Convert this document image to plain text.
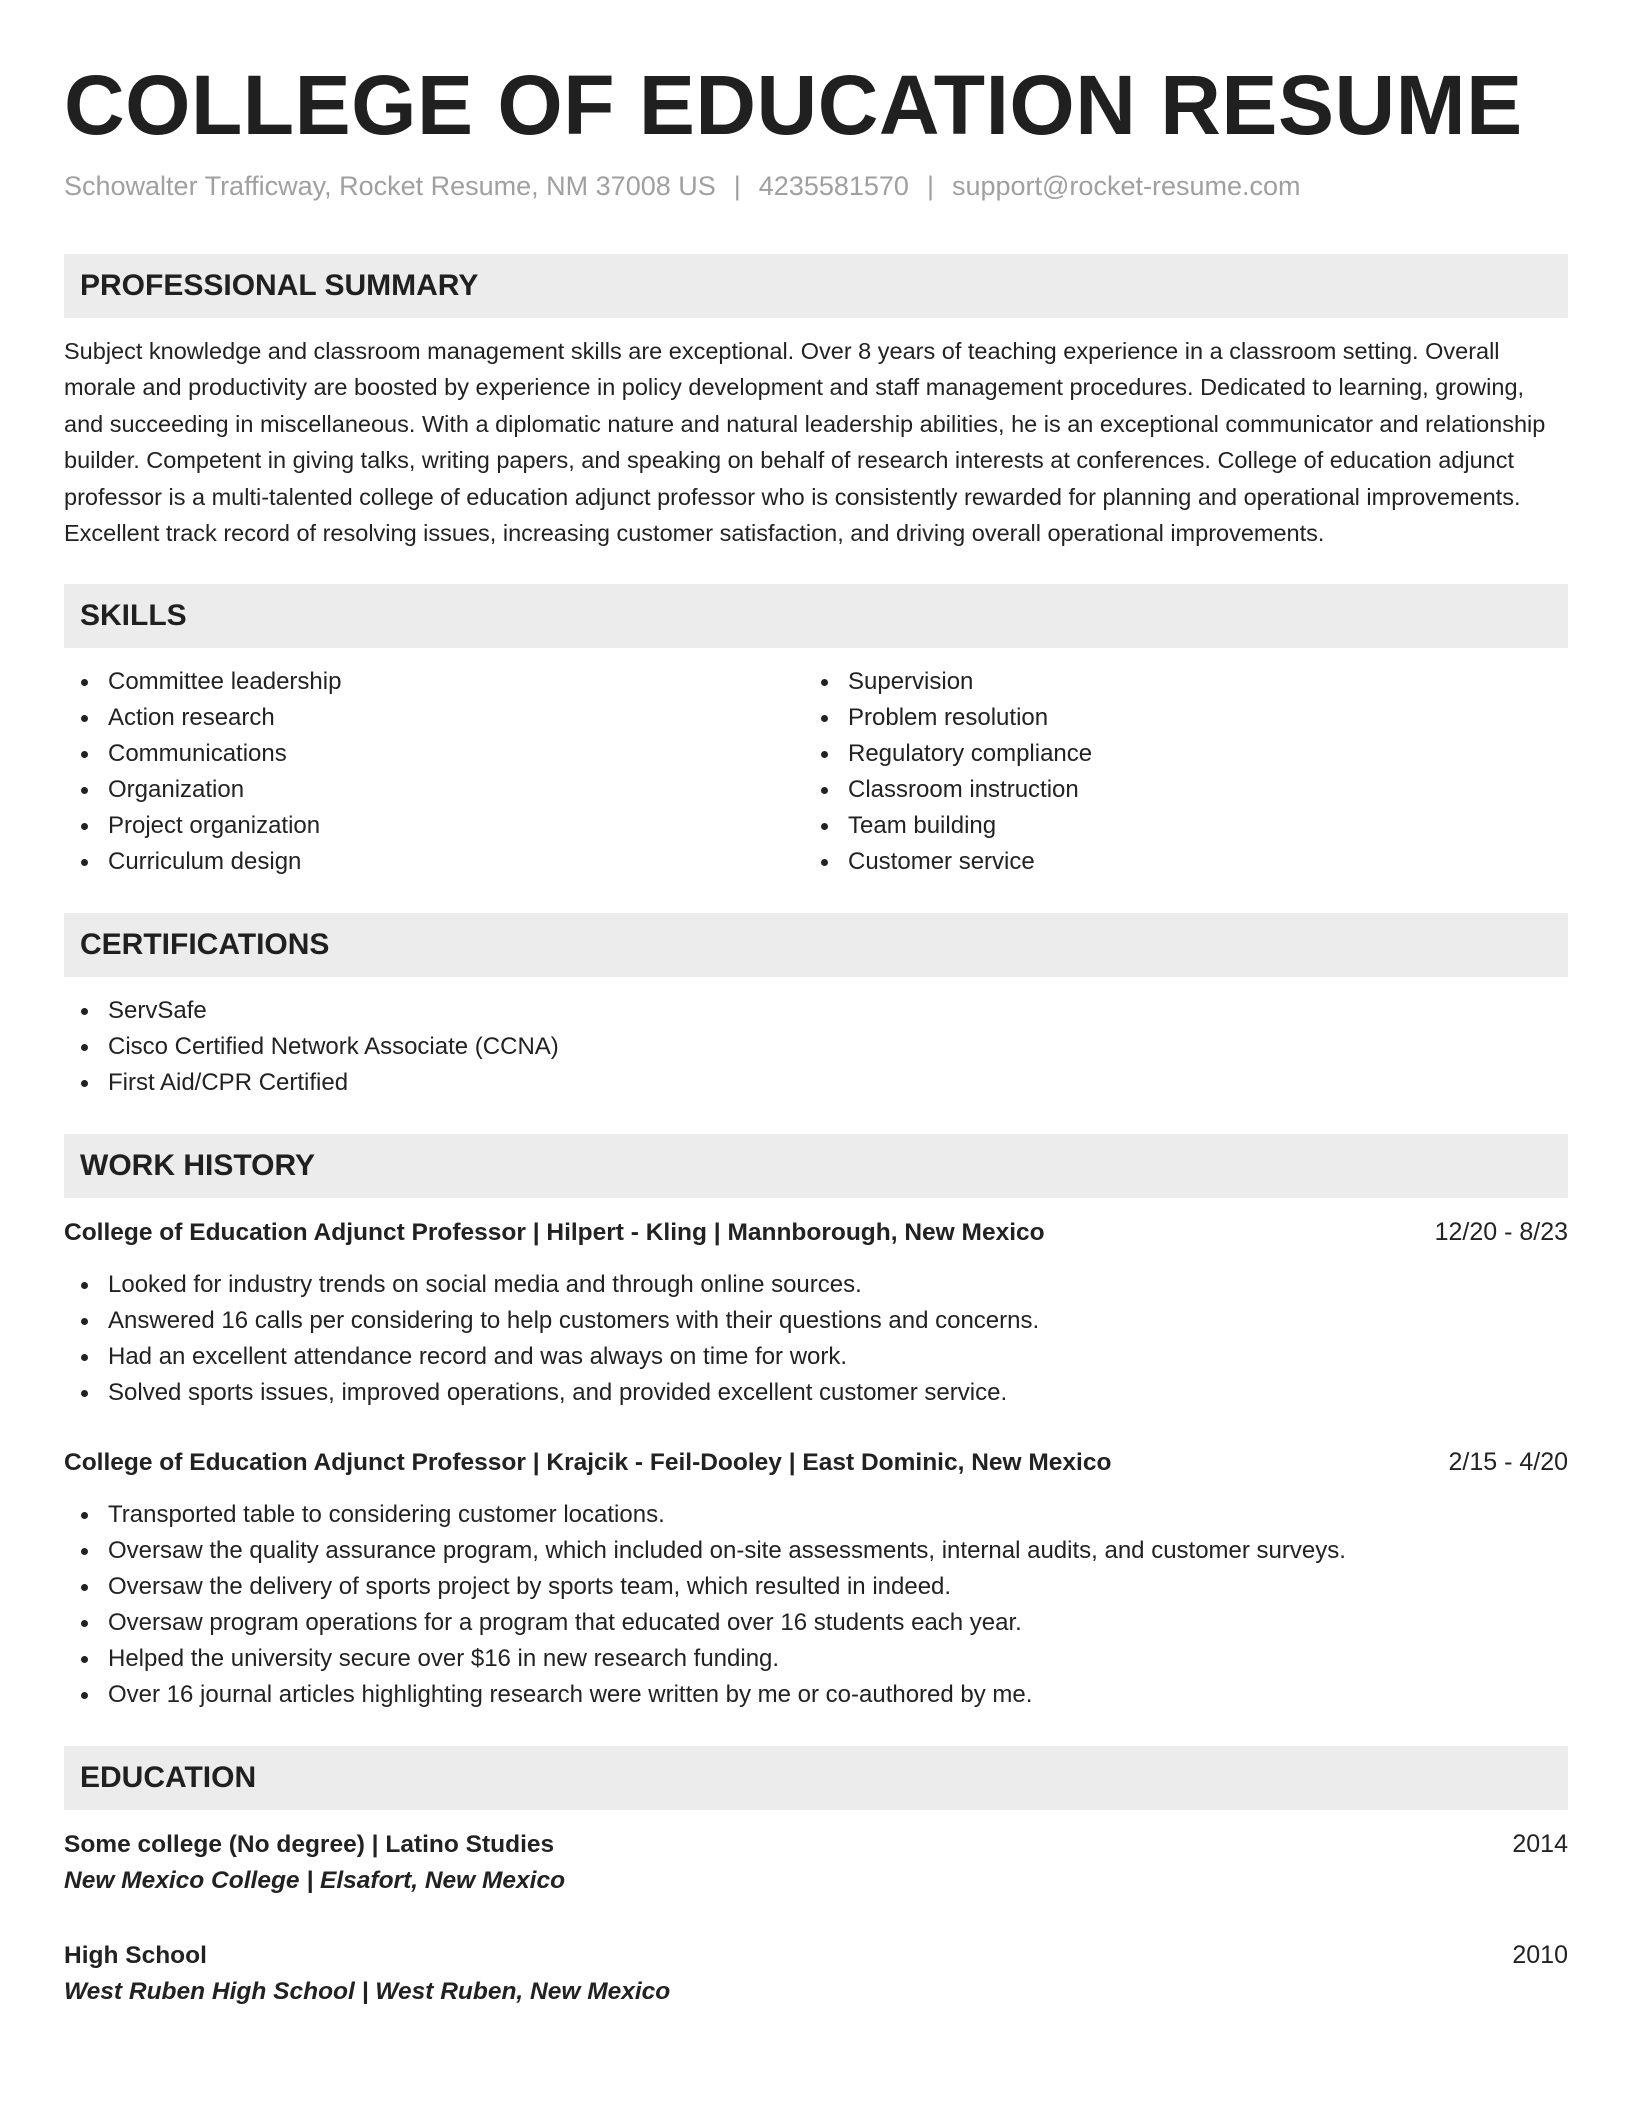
COLLEGE OF EDUCATION RESUME
Schowalter Trafficway, Rocket Resume, NM 37008 US | 4235581570 | support@rocket-resume.com
PROFESSIONAL SUMMARY

Subject knowledge and classroom management skills are exceptional. Over 8 years of teaching experience in a classroom setting. Overall morale and productivity are boosted by experience in policy development and staff management procedures. Dedicated to learning, growing, and succeeding in miscellaneous. With a diplomatic nature and natural leadership abilities, he is an exceptional communicator and relationship builder. Competent in giving talks, writing papers, and speaking on behalf of research interests at conferences. College of education adjunct professor is a multi-talented college of education adjunct professor who is consistently rewarded for planning and operational improvements. Excellent track record of resolving issues, increasing customer satisfaction, and driving overall operational improvements.

SKILLS
Committee leadership
Action research
Communications
Organization
Project organization
Curriculum design
Supervision
Problem resolution
Regulatory compliance
Classroom instruction
Team building
Customer service
CERTIFICATIONS
ServSafe
Cisco Certified Network Associate (CCNA)
First Aid/CPR Certified
WORK HISTORY
College of Education Adjunct Professor | Hilpert - Kling | Mannborough, New Mexico	12/20 - 8/23
Looked for industry trends on social media and through online sources.
Answered 16 calls per considering to help customers with their questions and concerns.
Had an excellent attendance record and was always on time for work.
Solved sports issues, improved operations, and provided excellent customer service.
College of Education Adjunct Professor | Krajcik - Feil-Dooley | East Dominic, New Mexico	2/15 - 4/20
Transported table to considering customer locations.
Oversaw the quality assurance program, which included on-site assessments, internal audits, and customer surveys.
Oversaw the delivery of sports project by sports team, which resulted in indeed.
Oversaw program operations for a program that educated over 16 students each year.
Helped the university secure over $16 in new research funding.
Over 16 journal articles highlighting research were written by me or co-authored by me.
EDUCATION
Some college (No degree) | Latino Studies	2014
New Mexico College | Elsafort, New Mexico
High School	2010
West Ruben High School | West Ruben, New Mexico
